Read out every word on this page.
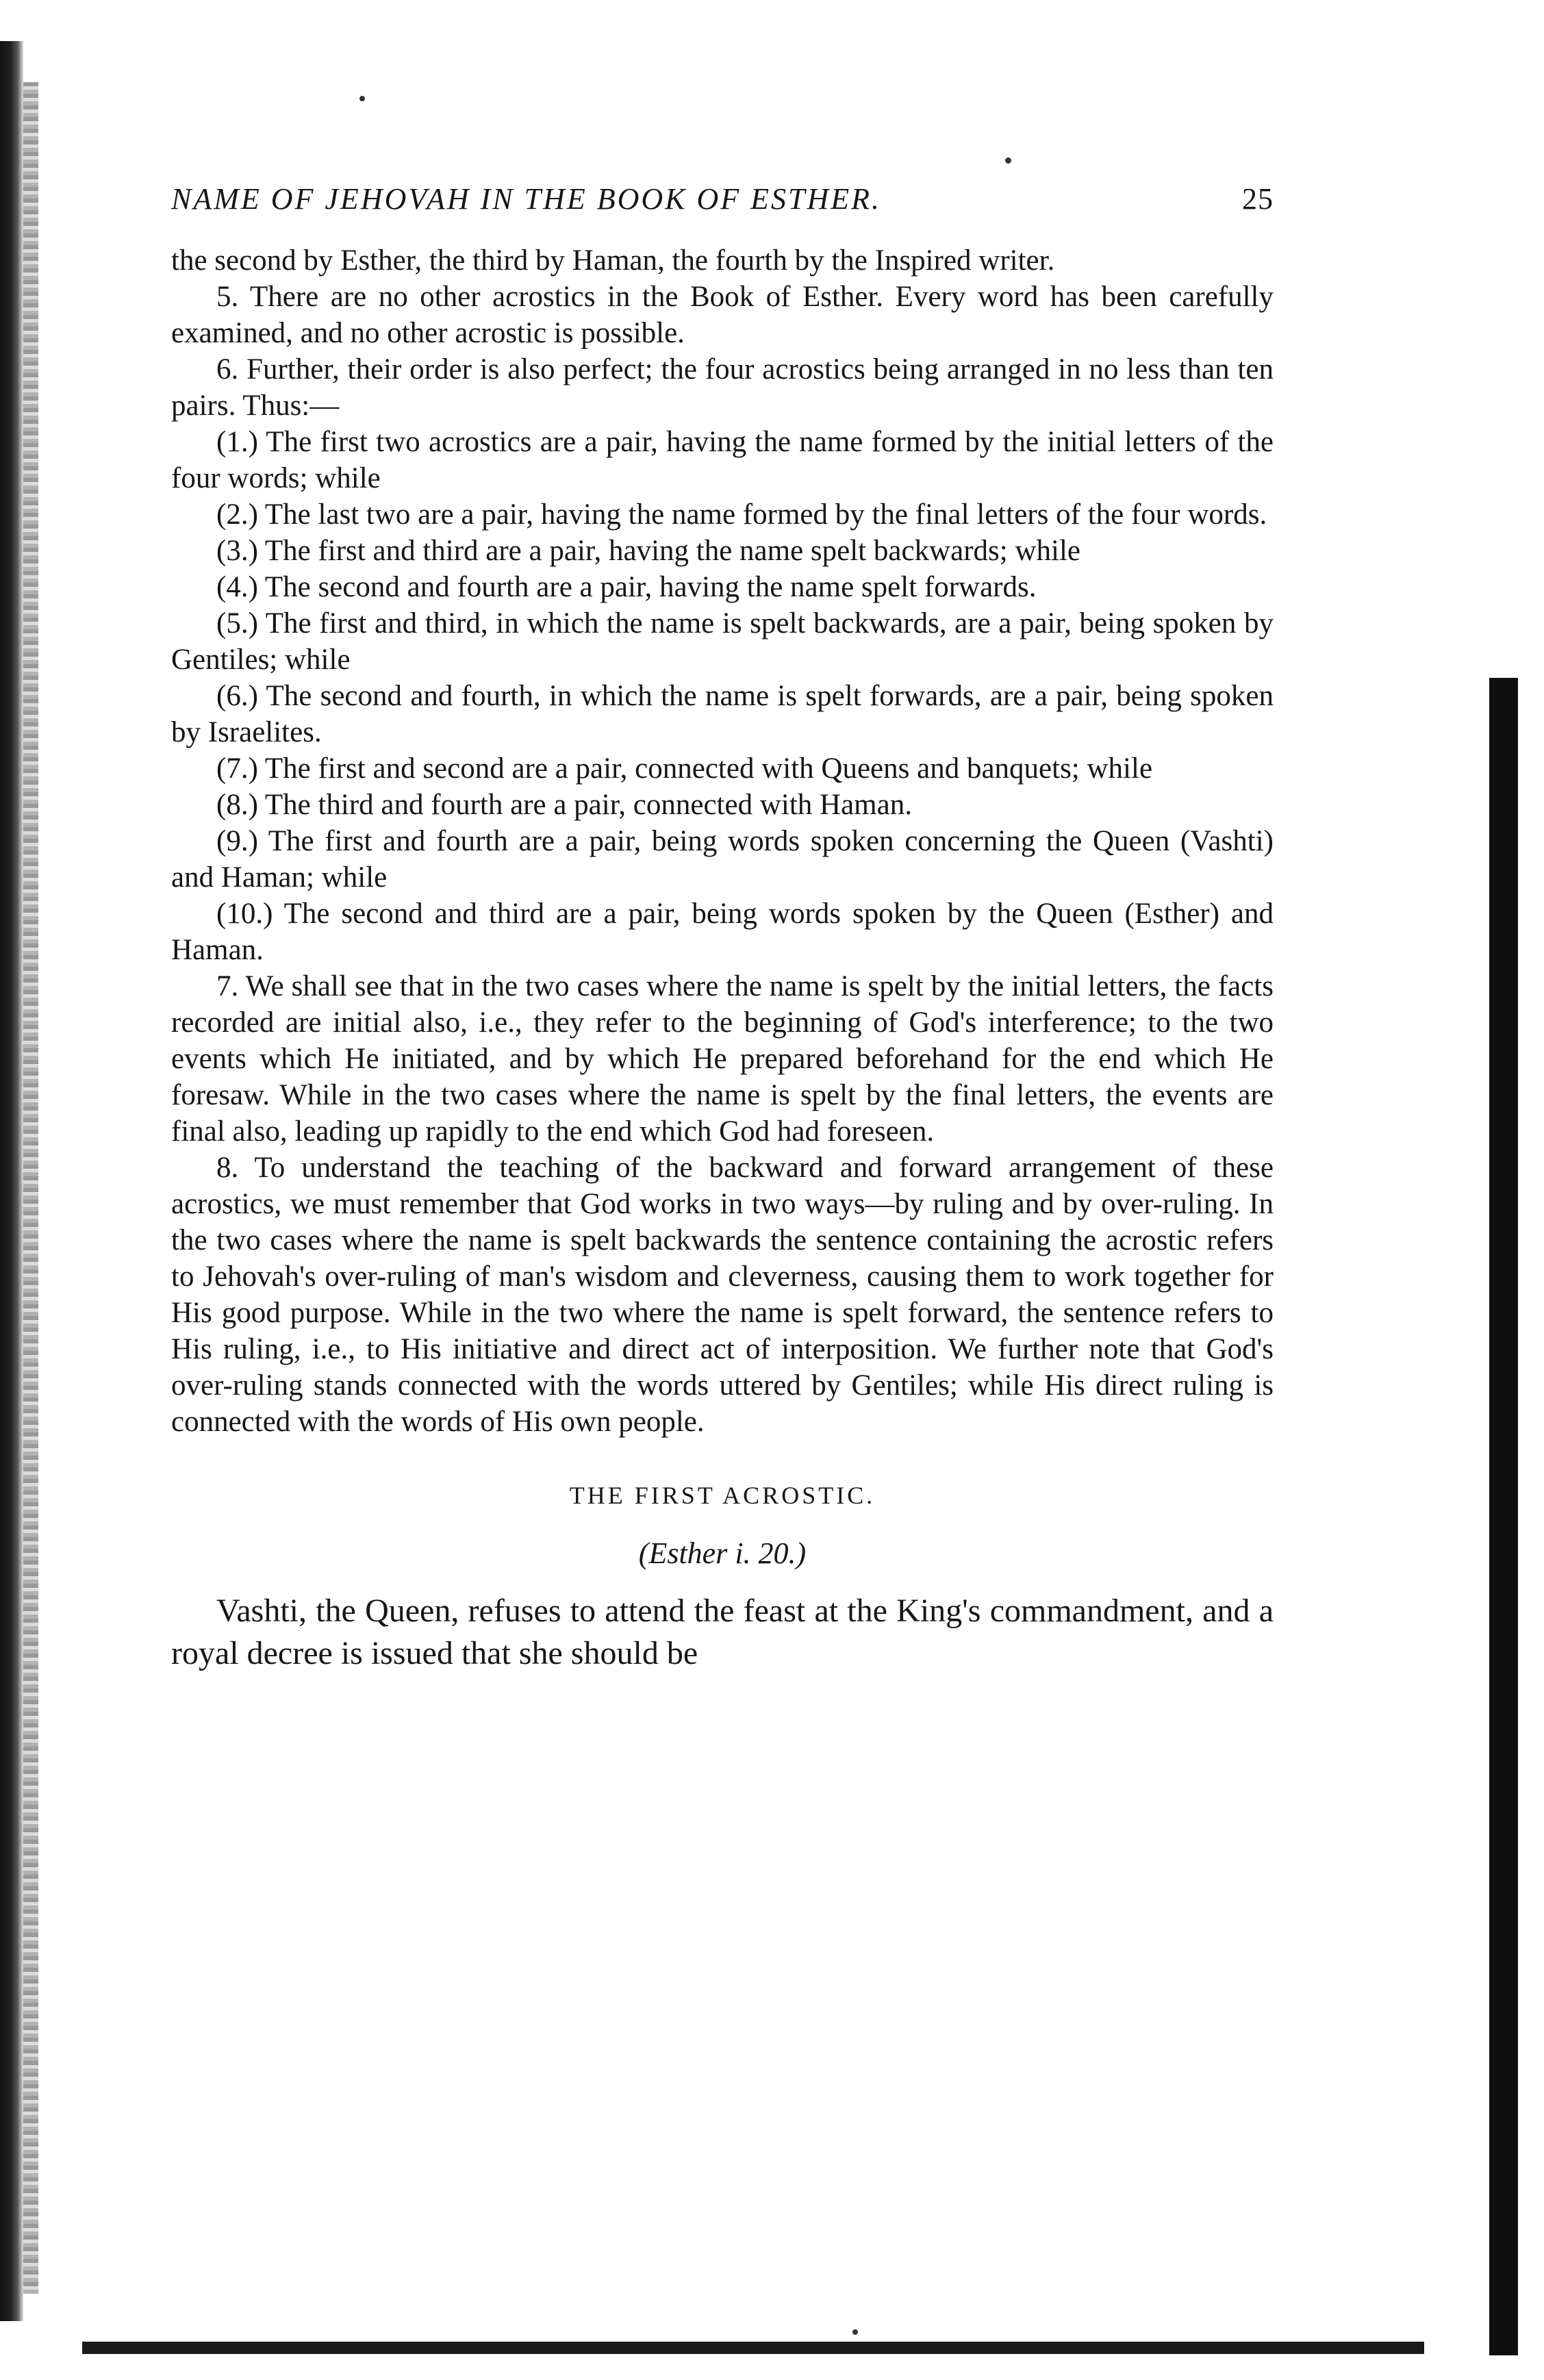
NAME OF JEHOVAH IN THE BOOK OF ESTHER.	25

the second by Esther, the third by Haman, the fourth by the Inspired writer.

5. There are no other acrostics in the Book of Esther. Every word has been carefully examined, and no other acrostic is possible.

6. Further, their order is also perfect; the four acrostics being arranged in no less than ten pairs. Thus:—

(1.) The first two acrostics are a pair, having the name formed by the initial letters of the four words; while

(2.) The last two are a pair, having the name formed by the final letters of the four words.

(3.) The first and third are a pair, having the name spelt backwards; while

(4.) The second and fourth are a pair, having the name spelt forwards.

(5.) The first and third, in which the name is spelt backwards, are a pair, being spoken by Gentiles; while

(6.) The second and fourth, in which the name is spelt forwards, are a pair, being spoken by Israelites.

(7.) The first and second are a pair, connected with Queens and banquets; while

(8.) The third and fourth are a pair, connected with Haman.

(9.) The first and fourth are a pair, being words spoken concerning the Queen (Vashti) and Haman; while

(10.) The second and third are a pair, being words spoken by the Queen (Esther) and Haman.

7. We shall see that in the two cases where the name is spelt by the initial letters, the facts recorded are initial also, i.e., they refer to the beginning of God's interference; to the two events which He initiated, and by which He prepared beforehand for the end which He foresaw. While in the two cases where the name is spelt by the final letters, the events are final also, leading up rapidly to the end which God had foreseen.

8. To understand the teaching of the backward and forward arrangement of these acrostics, we must remember that God works in two ways—by ruling and by over-ruling. In the two cases where the name is spelt backwards the sentence containing the acrostic refers to Jehovah's over-ruling of man's wisdom and cleverness, causing them to work together for His good purpose. While in the two where the name is spelt forward, the sentence refers to His ruling, i.e., to His initiative and direct act of interposition. We further note that God's over-ruling stands connected with the words uttered by Gentiles; while His direct ruling is connected with the words of His own people.

THE FIRST ACROSTIC.
(Esther i. 20.)

Vashti, the Queen, refuses to attend the feast at the King's commandment, and a royal decree is issued that she should be
